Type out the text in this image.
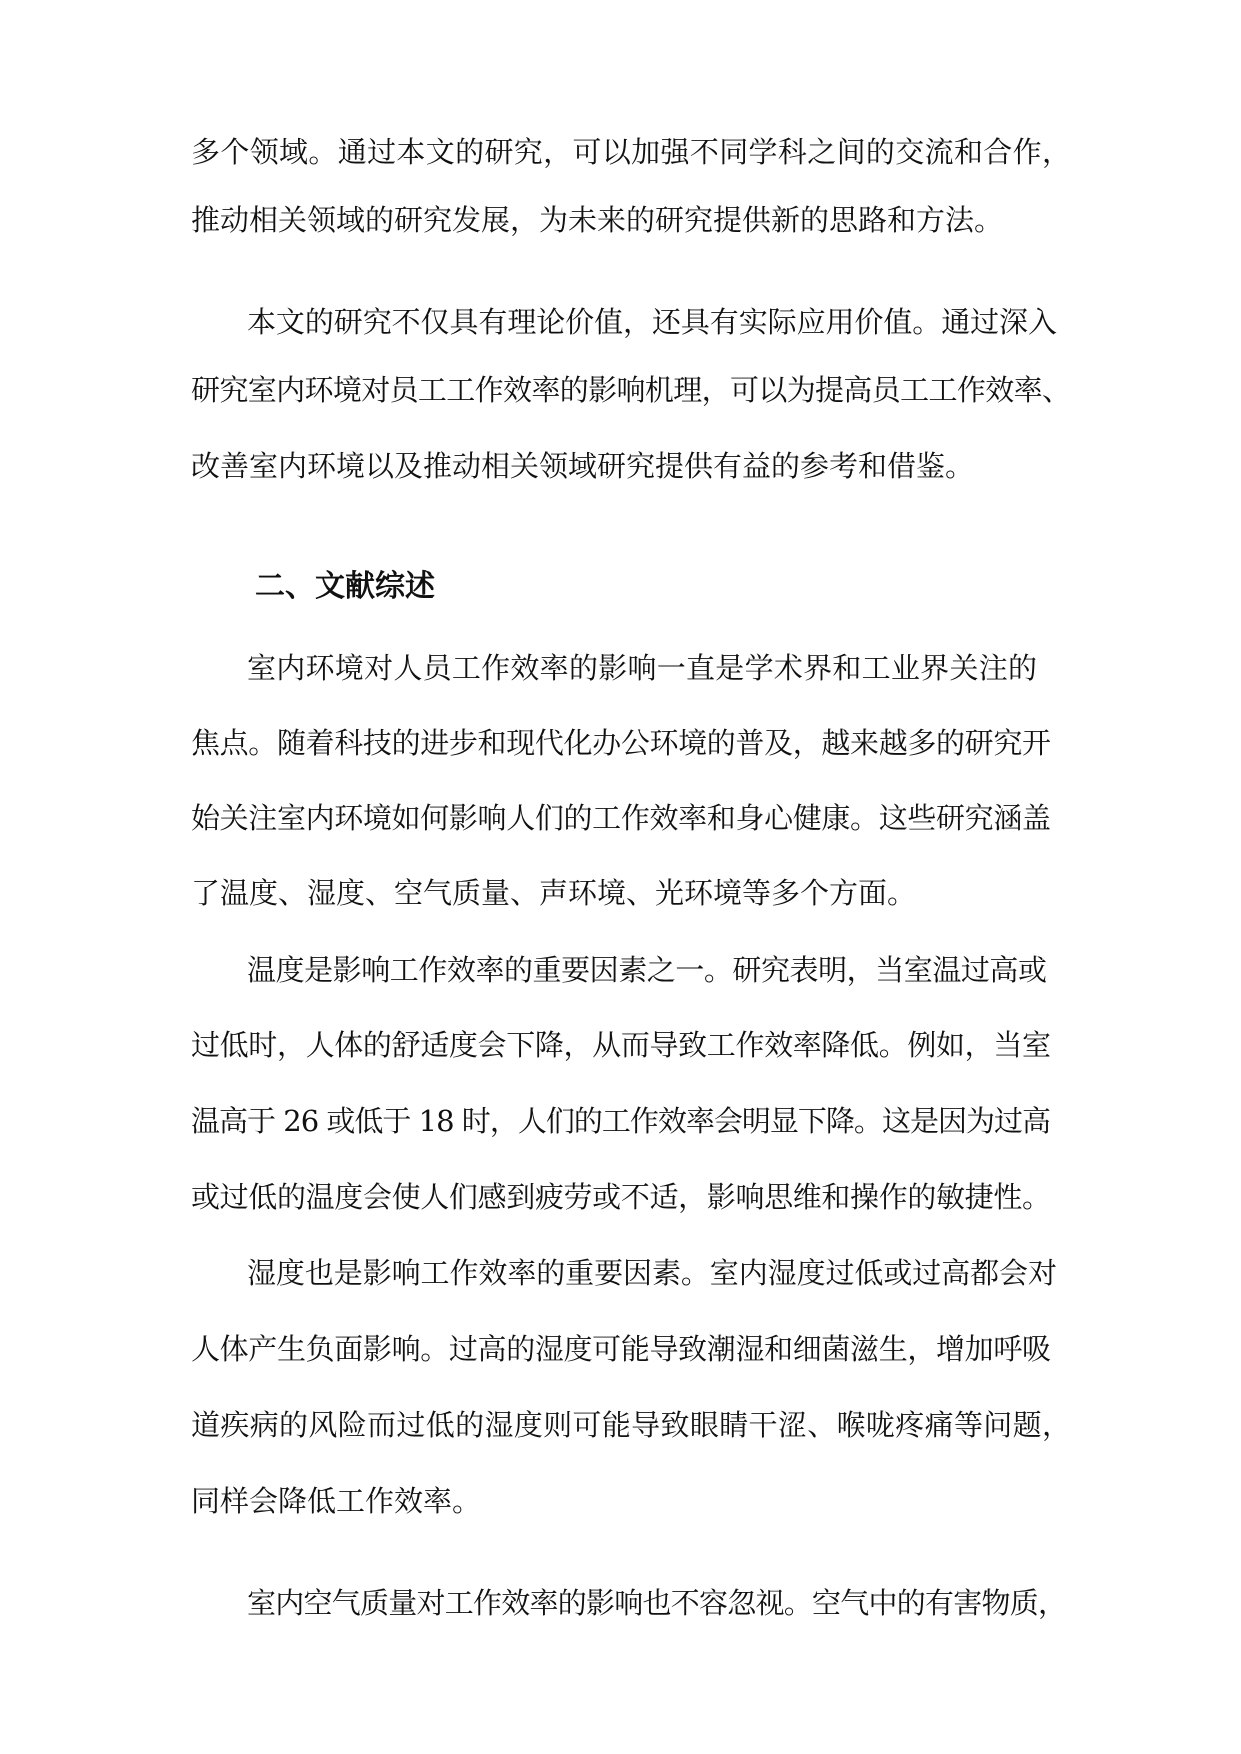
多个领域。通过本文的研究，可以加强不同学科之间的交流和合作，
推动相关领域的研究发展，为未来的研究提供新的思路和方法。
本文的研究不仅具有理论价值，还具有实际应用价值。通过深入
研究室内环境对员工工作效率的影响机理，可以为提高员工工作效率、
改善室内环境以及推动相关领域研究提供有益的参考和借鉴。
二、文献综述
室内环境对人员工作效率的影响一直是学术界和工业界关注的
焦点。随着科技的进步和现代化办公环境的普及，越来越多的研究开
始关注室内环境如何影响人们的工作效率和身心健康。这些研究涵盖
了温度、湿度、空气质量、声环境、光环境等多个方面。
温度是影响工作效率的重要因素之一。研究表明，当室温过高或
过低时，人体的舒适度会下降，从而导致工作效率降低。例如，当室
温高于 26 或低于 18 时，人们的工作效率会明显下降。这是因为过高
或过低的温度会使人们感到疲劳或不适，影响思维和操作的敏捷性。
湿度也是影响工作效率的重要因素。室内湿度过低或过高都会对
人体产生负面影响。过高的湿度可能导致潮湿和细菌滋生，增加呼吸
道疾病的风险而过低的湿度则可能导致眼睛干涩、喉咙疼痛等问题，
同样会降低工作效率。
室内空气质量对工作效率的影响也不容忽视。空气中的有害物质，
